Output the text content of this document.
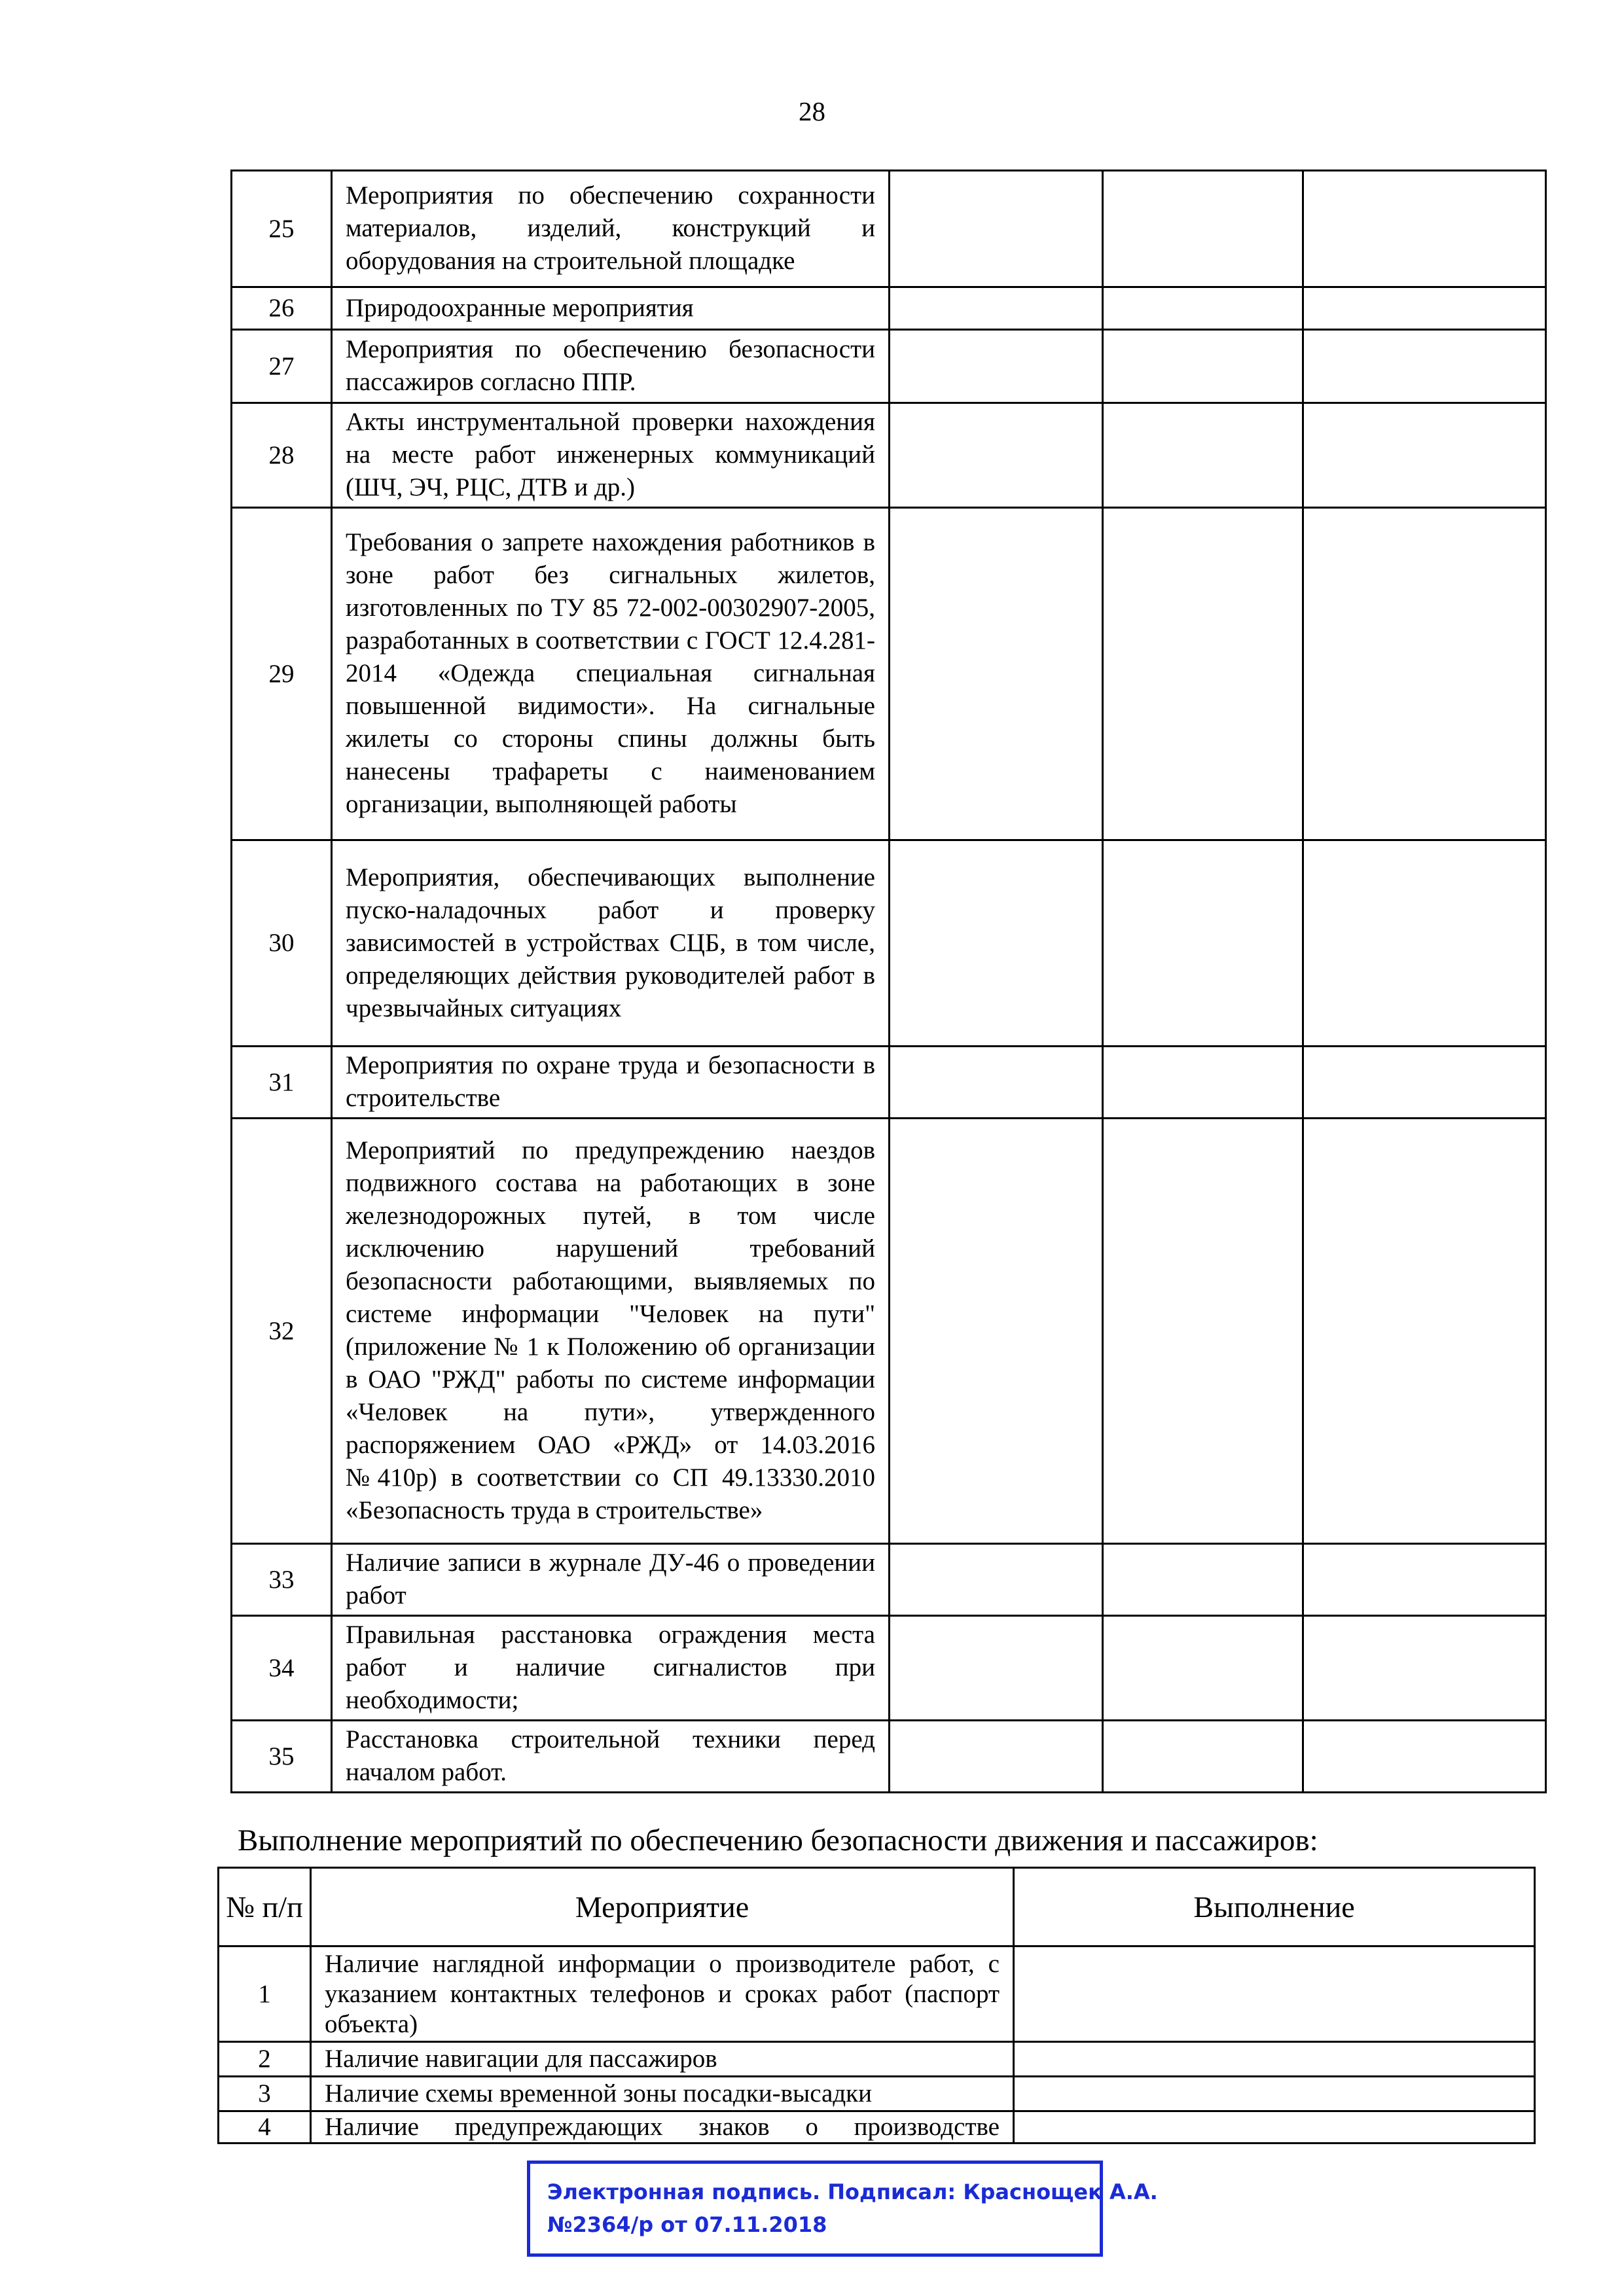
28
25	Мероприятия по обеспечению сохранности материалов, изделий, конструкций и оборудования на строительной площадке			
26	Природоохранные мероприятия			
27	Мероприятия по обеспечению безопасности пассажиров согласно ППР.			
28	Акты инструментальной проверки нахождения на месте работ инженерных коммуникаций (ШЧ, ЭЧ, РЦС, ДТВ и др.)			
29	Требования о запрете нахождения работников в зоне работ без сигнальных жилетов, изготовленных по ТУ 85 72-002-00302907-2005, разработанных в соответствии с ГОСТ 12.4.281-2014 «Одежда специальная сигнальная повышенной видимости». На сигнальные жилеты со стороны спины должны быть нанесены трафареты с наименованием организации, выполняющей работы			
30	Мероприятия, обеспечивающих выполнение пуско-наладочных работ и проверку зависимостей в устройствах СЦБ, в том числе, определяющих действия руководителей работ в чрезвычайных ситуациях			
31	Мероприятия по охране труда и безопасности в строительстве			
32	Мероприятий по предупреждению наездов подвижного состава на работающих в зоне железнодорожных путей, в том числе исключению нарушений требований безопасности работающими, выявляемых по системе информации "Человек на пути" (приложение № 1 к Положению об организации в ОАО "РЖД" работы по системе информации «Человек на пути», утвержденного распоряжением ОАО «РЖД» от 14.03.2016 №410р) в соответствии со СП 49.13330.2010 «Безопасность труда в строительстве»			
33	Наличие записи в журнале ДУ-46 о проведении работ			
34	Правильная расстановка ограждения места работ и наличие сигналистов при необходимости;			
35	Расстановка строительной техники перед началом работ.			
Выполнение мероприятий по обеспечению безопасности движения и пассажиров:
№ п/п	Мероприятие	Выполнение
1	Наличие наглядной информации о производителе работ, с указанием контактных телефонов и сроках работ (паспорт объекта)	
2	Наличие навигации для пассажиров	
3	Наличие схемы временной зоны посадки-высадки	
4	Наличие предупреждающих знаков о производстве	
Электронная подпись. Подписал: Краснощек А.А.
№2364/р от 07.11.2018
